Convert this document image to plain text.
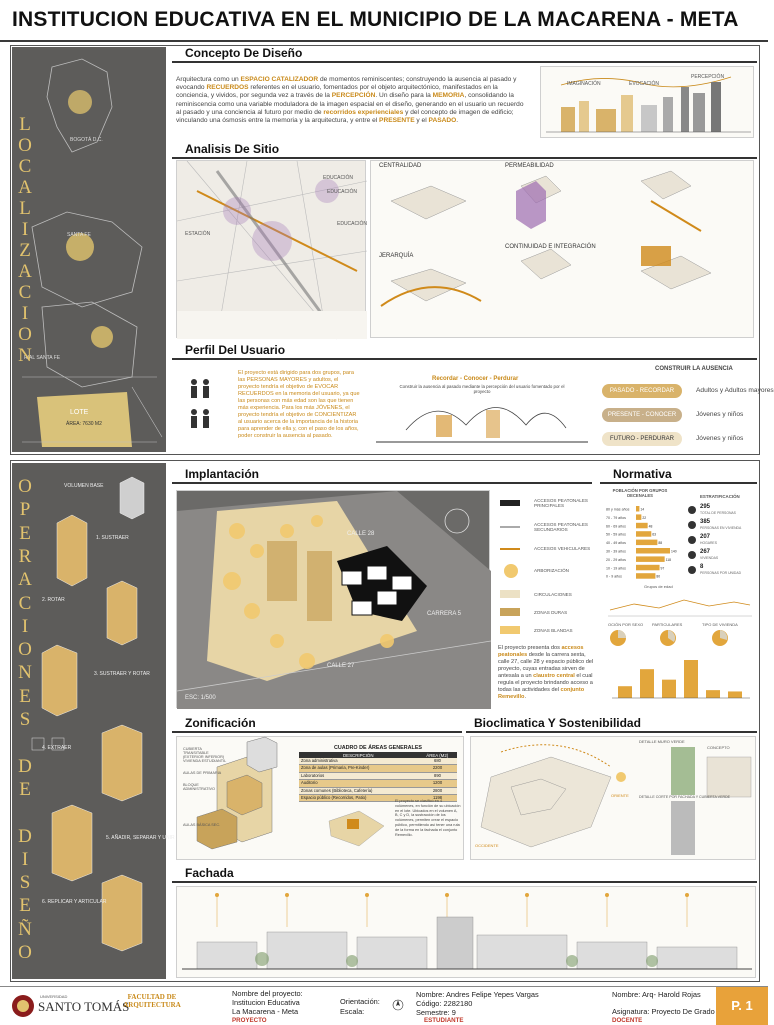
INSTITUCION EDUCATIVA EN EL MUNICIPIO DE LA MACARENA - META
BOGOTÁ D.C.
SANTA FE
RIAL SANTA FE
LOTE
ÁREA: 7630 M2
L
O
C
A
L
I
Z
A
C
I
O
N
Concepto De Diseño
Arquitectura como un ESPACIO CATALIZADOR de momentos reminiscentes; construyendo la ausencia al pasado y evocando RECUERDOS referentes en el usuario, fomentados por el objeto arquitectónico, manifestados en la conciencia, y vividos, por segunda vez a través de la PERCEPCIÓN. Un diseño para la MEMORIA, consolidando la reminiscencia como una variable moduladora de la imagen espacial en el diseño, generando en el usuario un recuerdo al pasado y una conciencia al futuro por medio de recorridos experienciales y del concepto de imagen de edificio; vinculando una ósmosis entre la memoria y la arquitectura, y entre el PRESENTE y el PASADO.
IMAGINACIÓN	EVOCACIÓN
PERCEPCIÓN
Analisis De Sitio
EDUCACIÓN
EDUCACIÓN
EDUCACIÓN
ESTACIÓN
CENTRALIDAD	PERMEABILIDAD
JERARQUÍA
CONTINUIDAD E INTEGRACIÓN
Perfil Del Usuario
El proyecto está dirigido para dos grupos, para las PERSONAS MAYORES y adultos, el proyecto tendría el objetivo de EVOCAR RECUERDOS en la memoria del usuario, ya que las personas con más edad son las que tienen más experiencia. Para los más JÓVENES, el proyecto tendría el objetivo de CONCIENTIZAR al usuario acerca de la importancia de la historia para aprender de ella y, con el paso de los años, poder construir la ausencia al pasado.
Recordar - Conocer - Perdurar
Construir la ausencia al pasado mediante la percepción del usuario fomentado por el proyecto
CONSTRUIR LA AUSENCIA
PASADO - RECORDAR	Adultos y Adultos mayores
PRESENTE - CONOCER	Jóvenes y niños
FUTURO - PERDURAR	Jóvenes y niños
VOLUMEN BASE
1. SUSTRAER
2. ROTAR
3. SUSTRAER Y ROTAR
4. EXTRAER
5. AÑADIR, SEPARAR Y UNIR
6. REPLICAR Y ARTICULAR
O
P
E
R
A
C
I
O
N
E
S
D
E
D
I
S
E
Ñ
O
Implantación
CALLE 28
CALLE 27
CARRERA 5
ESC: 1/500
ACCESOS PEATONALES PRINCIPALES
ACCESOS PEATONALES SECUNDARIOS
ACCESOS VEHICULARES
ARBORIZACIÓN
CIRCULACIONES
ZONAS DURAS
ZONAS BLANDAS
El proyecto presenta dos accesos peatonales desde la carrera sexta, calle 27, calle 28 y espacio público del proyecto, cuyas entradas sirven de antesala a un claustro central el cual regula el proyecto brindando acceso a todas las actividades del conjunto Remevillo.
Normativa
POBLACIÓN POR GRUPOS DECENALES
80 y más años	14
70 - 79 años	22
60 - 69 años	48
50 - 59 años	63
40 - 49 años	88
30 - 39 años	140
20 - 29 años	118
10 - 19 años	97
0 - 9 años	80
ESTRATIFICACIÓN
295
TOTAL DE PERSONAS
385
PERSONAS EN VIVIENDA
207
HOGARES
267
VIVIENDAS
8
PERSONAS POR UNIDAD
Grupos de edad
OCIÓN POR SEXO PARTICULARES	TIPO DE VIVIENDA
Zonificación
CUBIERTA TRANSITABLE (EXTERIOR INFERIOR)
VIVIENDA ESTUDIANTIL
AULAS DE PRIMARIA
BLOQUE ADMINISTRATIVO
AULAS BÁSICA SEC.
CUADRO DE ÁREAS GENERALES
DESCRIPCIÓN	ÁREA (M2)
Zona administrativa	680
Zona de aulas (Primaria, Pre-Kinder)	2200
Laboratorios	890
Auditorio	1200
Zonas comunes (Biblioteca, Cafetería)	2800
Espacio público (Recorridos, Patio)	1198
El proyecto se clasificó en 4 volúmenes, en función de su ubicación en el lote. Ubicados en el volumen A, B, C y D, la sustracción de los volúmenes, permiten crear el espacio público, permitiendo así tener una ruta de la forma en la fachada el conjunto Remevillo.
Bioclimatica Y Sostenibilidad
DETALLE MURO VERDE
CONCEPTO
DETALLE CORTE POR FACHADA Y CUBIERTA VERDE
ORIENTE
OCCIDENTE
Fachada
UNIVERSIDAD
SANTO TOMÁS
FACULTAD DE ARQUITECTURA
Nombre del proyecto:
Institucion Educativa
La Macarena - Meta
PROYECTO
Orientación:
Escala:
Nombre: Andres Felipe Yepes Vargas
Código: 2282180
Semestre: 9
ESTUDIANTE
Nombre: Arq- Harold Rojas
Asignatura: Proyecto De Grado
DOCENTE
P. 1
